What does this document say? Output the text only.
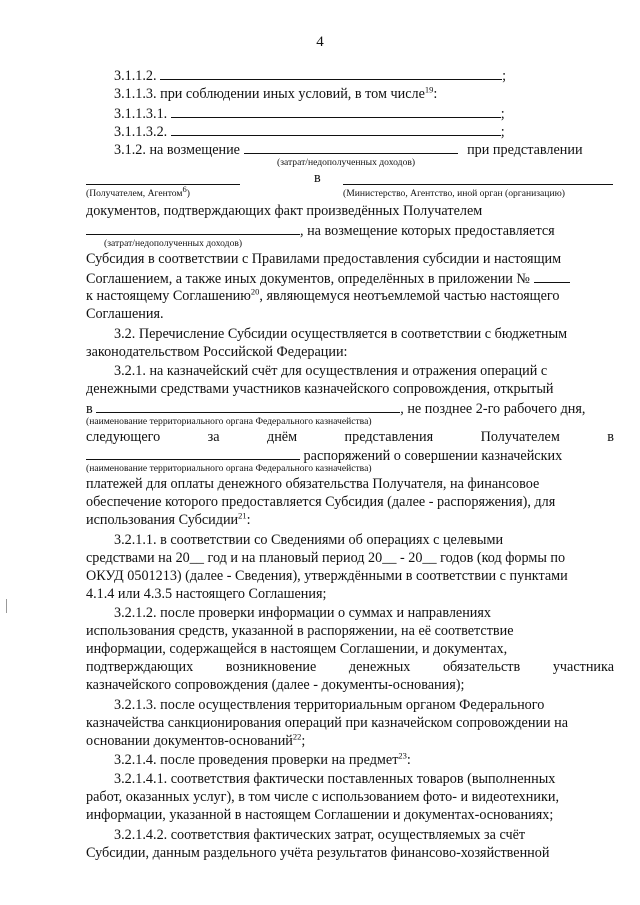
4
3.1.1.2.	;
3.1.1.3. при соблюдении иных условий, в том числе$^{19}$:
3.1.1.3.1.	;
3.1.1.3.2.	;
3.1.2. на возмещение	при представлении
(затрат/недополученных доходов)
в
(Получателем, Агентом$^6$)	(Министерство, Агентство, иной орган (организацию)
документов, подтверждающих факт произведённых Получателем
, на возмещение которых предоставляется
(затрат/недополученных доходов)
Субсидия в соответствии с Правилами предоставления субсидии и настоящим
Соглашением, а также иных документов, определённых в приложении №
к настоящему Соглашению$^{20}$, являющемуся неотъемлемой частью настоящего
Соглашения.
3.2. Перечисление Субсидии осуществляется в соответствии с бюджетным
законодательством Российской Федерации:
3.2.1. на казначейский счёт для осуществления и отражения операций с
денежными средствами участников казначейского сопровождения, открытый
в	, не позднее 2-го рабочего дня,
(наименование территориального органа Федерального казначейства)
следующего за днём представления Получателем в
распоряжений о совершении казначейских
(наименование территориального органа Федерального казначейства)
платежей для оплаты денежного обязательства Получателя, на финансовое
обеспечение которого предоставляется Субсидия (далее - распоряжения), для
использования Субсидии$^{21}$:
3.2.1.1. в соответствии со Сведениями об операциях с целевыми
средствами на 20__ год и на плановый период 20__ - 20__ годов (код формы по
ОКУД 0501213) (далее - Сведения), утверждёнными в соответствии с пунктами
4.1.4 или 4.3.5 настоящего Соглашения;
3.2.1.2. после проверки информации о суммах и направлениях
использования средств, указанной в распоряжении, на её соответствие
информации, содержащейся в настоящем Соглашении, и документах,
подтверждающих возникновение денежных обязательств участника
казначейского сопровождения (далее - документы-основания);
3.2.1.3. после осуществления территориальным органом Федерального
казначейства санкционирования операций при казначейском сопровождении на
основании документов-оснований$^{22}$;
3.2.1.4. после проведения проверки на предмет$^{23}$:
3.2.1.4.1. соответствия фактически поставленных товаров (выполненных
работ, оказанных услуг), в том числе с использованием фото- и видеотехники,
информации, указанной в настоящем Соглашении и документах-основаниях;
3.2.1.4.2. соответствия фактических затрат, осуществляемых за счёт
Субсидии, данным раздельного учёта результатов финансово-хозяйственной
